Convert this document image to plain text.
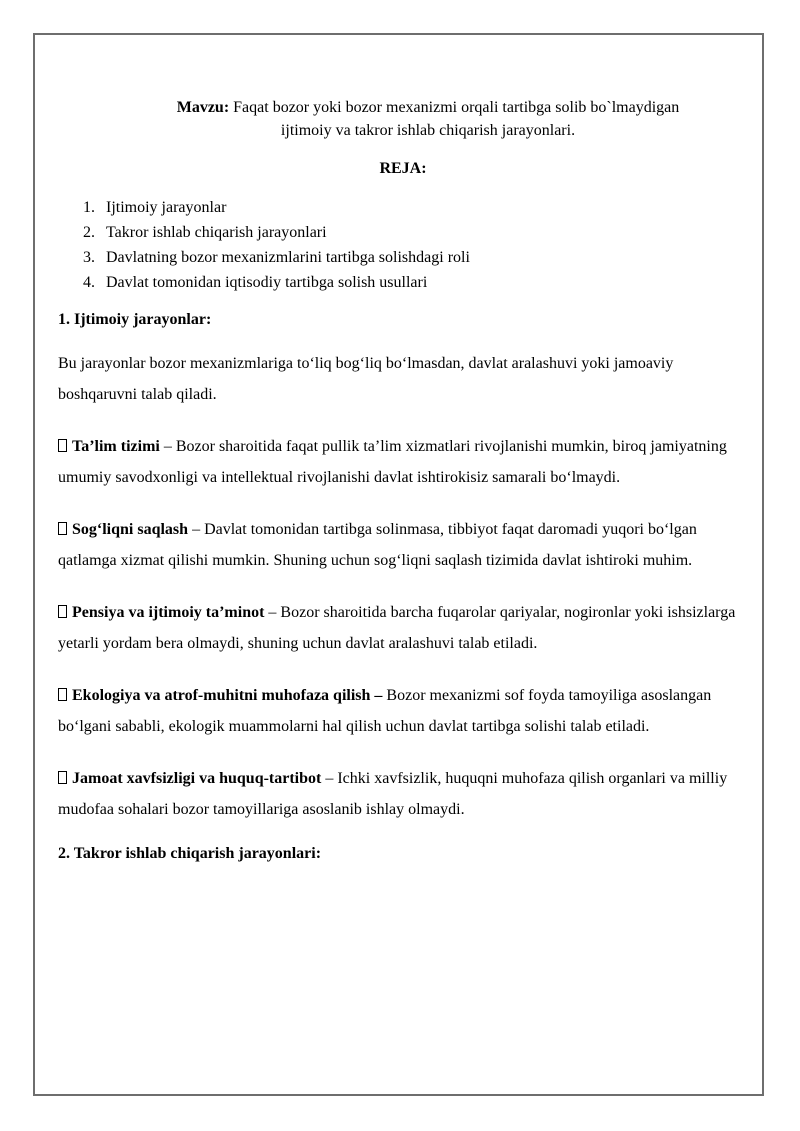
Mavzu: Faqat bozor yoki bozor mexanizmi orqali tartibga solib bo`lmaydigan
ijtimoiy va takror ishlab chiqarish jarayonlari.

REJA:

1. Ijtimoiy jarayonlar
2. Takror ishlab chiqarish jarayonlari
3. Davlatning bozor mexanizmlarini tartibga solishdagi roli
4. Davlat tomonidan iqtisodiy tartibga solish usullari

1. Ijtimoiy jarayonlar:

Bu jarayonlar bozor mexanizmlariga to‘liq bog‘liq bo‘lmasdan, davlat aralashuvi yoki jamoaviy boshqaruvni talab qiladi.

Ta’lim tizimi – Bozor sharoitida faqat pullik ta’lim xizmatlari rivojlanishi mumkin, biroq jamiyatning umumiy savodxonligi va intellektual rivojlanishi davlat ishtirokisiz samarali bo‘lmaydi.

Sog‘liqni saqlash – Davlat tomonidan tartibga solinmasa, tibbiyot faqat daromadi yuqori bo‘lgan qatlamga xizmat qilishi mumkin. Shuning uchun sog‘liqni saqlash tizimida davlat ishtiroki muhim.

Pensiya va ijtimoiy ta’minot – Bozor sharoitida barcha fuqarolar qariyalar, nogironlar yoki ishsizlarga yetarli yordam bera olmaydi, shuning uchun davlat aralashuvi talab etiladi.

Ekologiya va atrof-muhitni muhofaza qilish – Bozor mexanizmi sof foyda tamoyiliga asoslangan bo‘lgani sababli, ekologik muammolarni hal qilish uchun davlat tartibga solishi talab etiladi.

Jamoat xavfsizligi va huquq-tartibot – Ichki xavfsizlik, huquqni muhofaza qilish organlari va milliy mudofaa sohalari bozor tamoyillariga asoslanib ishlay olmaydi.

2. Takror ishlab chiqarish jarayonlari:
